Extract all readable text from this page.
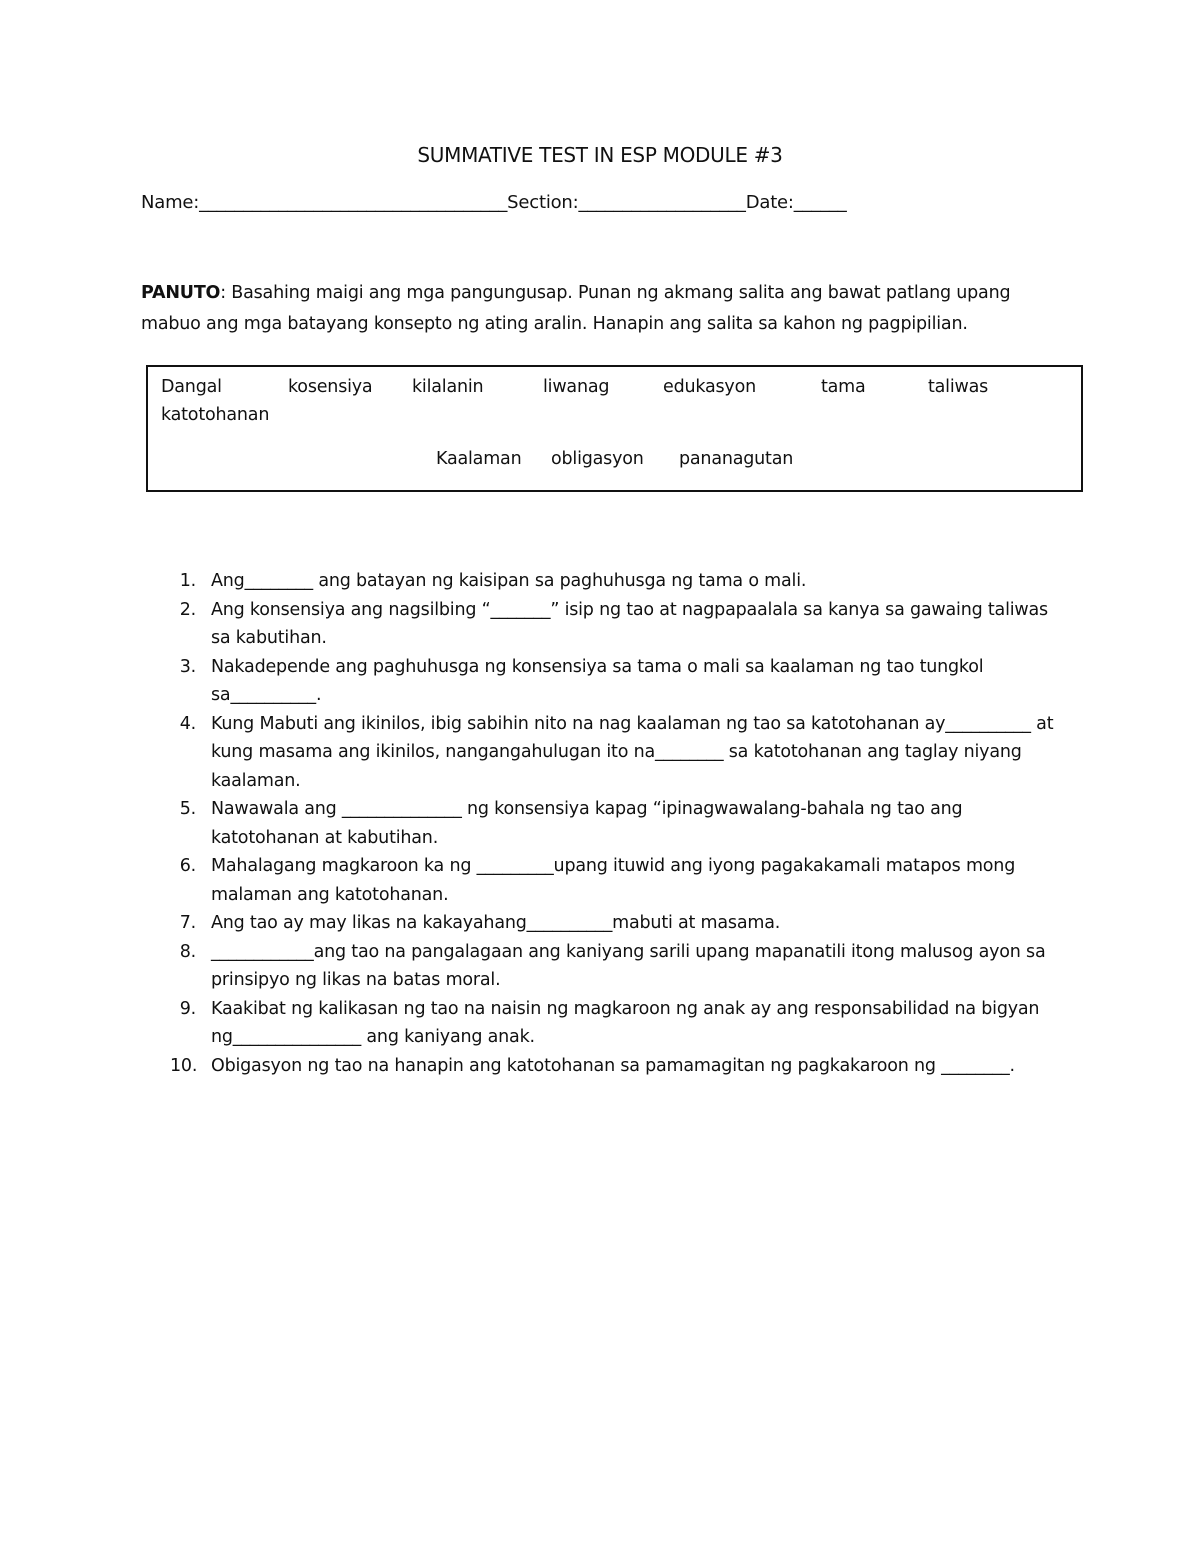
SUMMATIVE TEST IN ESP MODULE #3
Name:___________________________________Section:___________________Date:______
PANUTO: Basahing maigi ang mga pangungusap. Punan ng akmang salita ang bawat patlang upang mabuo ang mga batayang konsepto ng ating aralin. Hanapin ang salita sa kahon ng pagpipilian.
Dangal	kosensiya kilalanin	liwanag	edukasyon	tama	taliwas
katotohanan
Kaalaman obligasyon pananagutan
1. Ang________ ang batayan ng kaisipan sa paghuhusga ng tama o mali.
2. Ang konsensiya ang nagsilbing “_______” isip ng tao at nagpapaalala sa kanya sa gawaing taliwas sa kabutihan.
3. Nakadepende ang paghuhusga ng konsensiya sa tama o mali sa kaalaman ng tao tungkol sa__________.
4. Kung Mabuti ang ikinilos, ibig sabihin nito na nag kaalaman ng tao sa katotohanan ay__________ at kung masama ang ikinilos, nangangahulugan ito na________ sa katotohanan ang taglay niyang kaalaman.
5. Nawawala ang ______________ ng konsensiya kapag “ipinagwawalang-bahala ng tao ang katotohanan at kabutihan.
6. Mahalagang magkaroon ka ng _________upang ituwid ang iyong pagakakamali matapos mong malaman ang katotohanan.
7. Ang tao ay may likas na kakayahang__________mabuti at masama.
8. ____________ang tao na pangalagaan ang kaniyang sarili upang mapanatili itong malusog ayon sa prinsipyo ng likas na batas moral.
9. Kaakibat ng kalikasan ng tao na naisin ng magkaroon ng anak ay ang responsabilidad na bigyan ng_______________ ang kaniyang anak.
10. Obigasyon ng tao na hanapin ang katotohanan sa pamamagitan ng pagkakaroon ng ________.
